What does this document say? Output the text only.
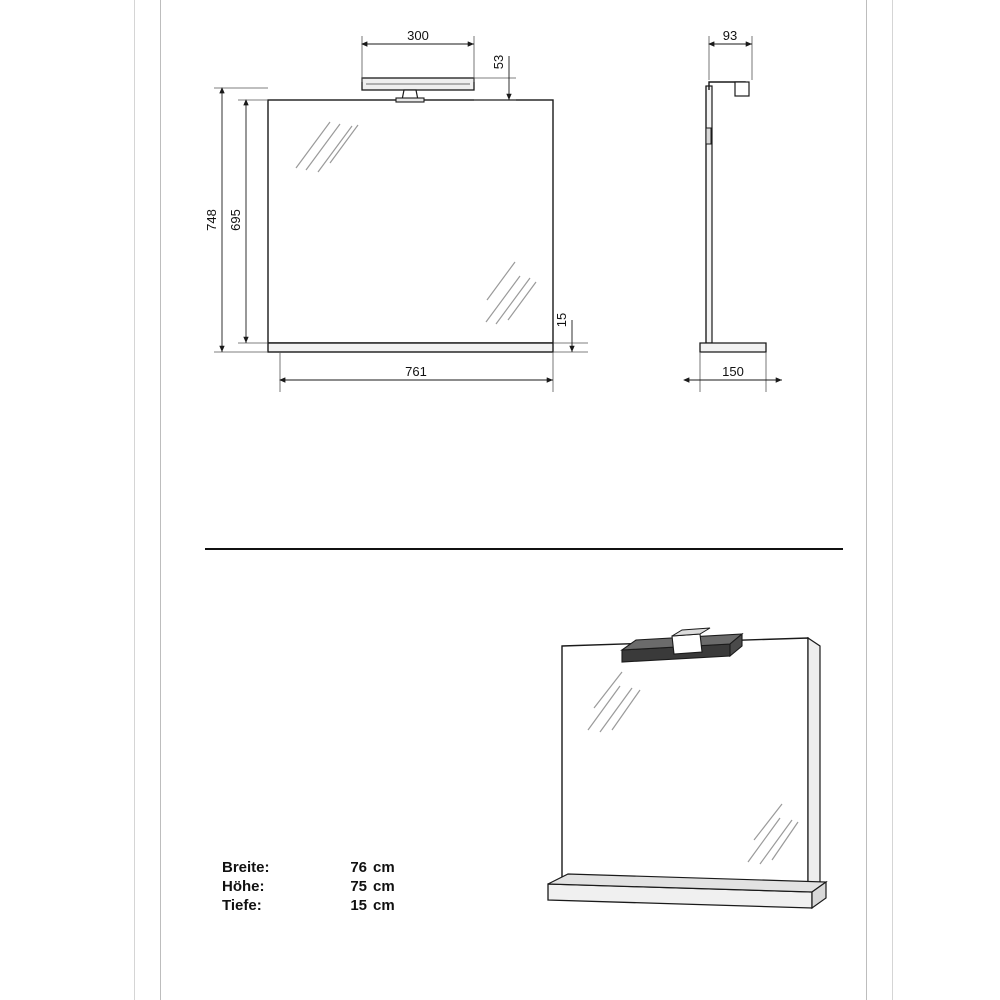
300
53
748 695
15
761
93
150
Breite:	76 cm
Höhe:	75 cm
Tiefe:	15 cm
